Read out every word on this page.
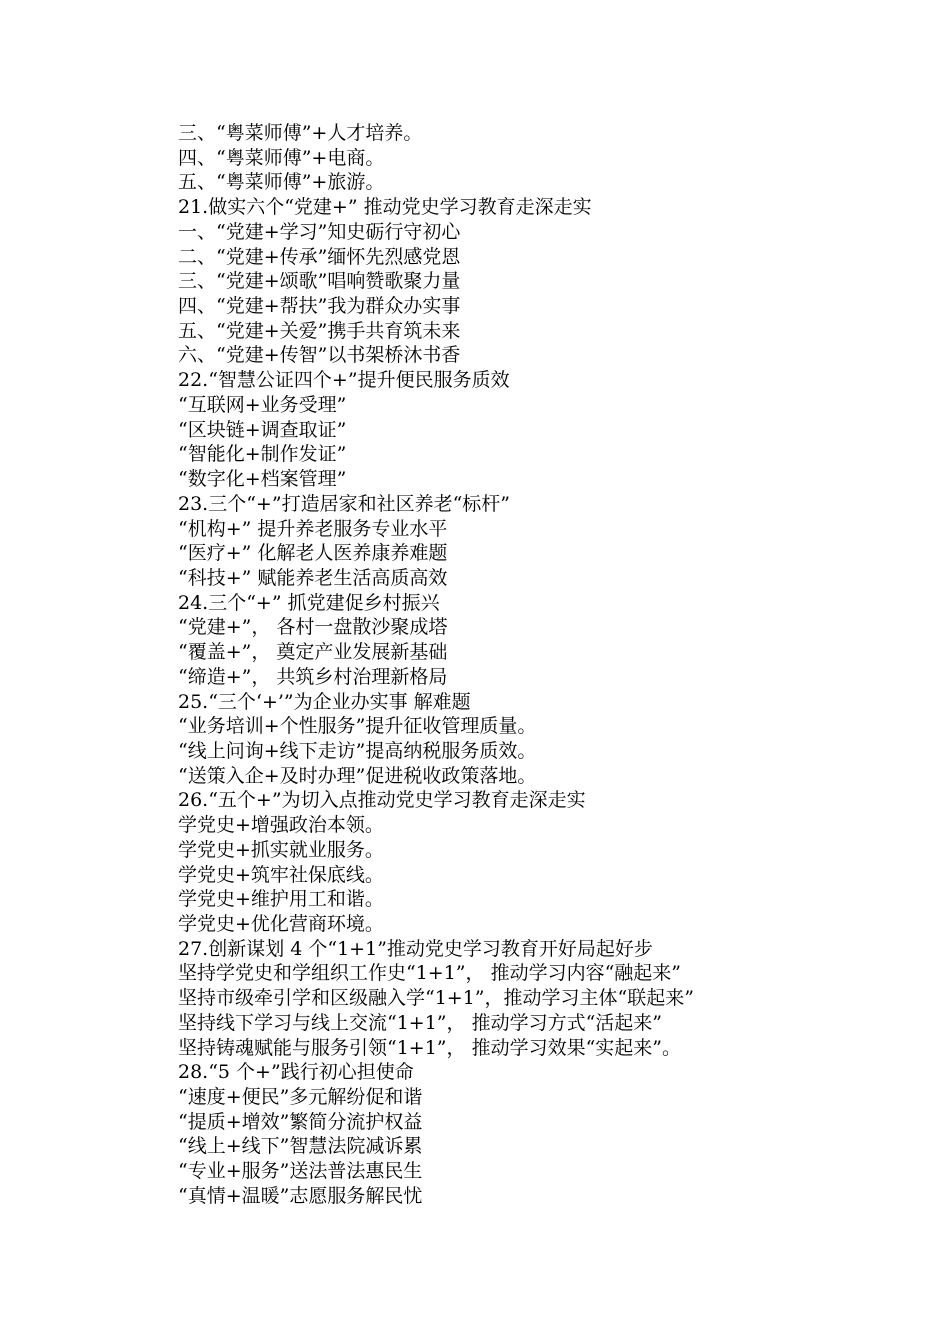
三、“粤菜师傅”+人才培养。
四、“粤菜师傅”+电商。
五、“粤菜师傅”+旅游。
21.做实六个“党建+” 推动党史学习教育走深走实
一、“党建+学习”知史砺行守初心
二、“党建+传承”缅怀先烈感党恩
三、“党建+颂歌”唱响赞歌聚力量
四、“党建+帮扶”我为群众办实事
五、“党建+关爱”携手共育筑未来
六、“党建+传智”以书架桥沐书香
22.“智慧公证四个+”提升便民服务质效
“互联网+业务受理”
“区块链+调查取证”
“智能化+制作发证”
“数字化+档案管理”
23.三个“+”打造居家和社区养老“标杆”
“机构+” 提升养老服务专业水平
“医疗+” 化解老人医养康养难题
“科技+” 赋能养老生活高质高效
24.三个“+” 抓党建促乡村振兴
“党建+”， 各村一盘散沙聚成塔
“覆盖+”， 奠定产业发展新基础
“缔造+”， 共筑乡村治理新格局
25.“三个‘+’”为企业办实事 解难题
“业务培训+个性服务”提升征收管理质量。
“线上问询+线下走访”提高纳税服务质效。
“送策入企+及时办理”促进税收政策落地。
26.“五个+”为切入点推动党史学习教育走深走实
学党史+增强政治本领。
学党史+抓实就业服务。
学党史+筑牢社保底线。
学党史+维护用工和谐。
学党史+优化营商环境。
27.创新谋划 4 个“1+1”推动党史学习教育开好局起好步
坚持学党史和学组织工作史“1+1”， 推动学习内容“融起来”
坚持市级牵引学和区级融入学“1+1”，推动学习主体“联起来”
坚持线下学习与线上交流“1+1”， 推动学习方式“活起来”
坚持铸魂赋能与服务引领“1+1”， 推动学习效果“实起来”。
28.“5 个+”践行初心担使命
“速度+便民”多元解纷促和谐
“提质+增效”繁简分流护权益
“线上+线下”智慧法院减诉累
“专业+服务”送法普法惠民生
“真情+温暖”志愿服务解民忧
